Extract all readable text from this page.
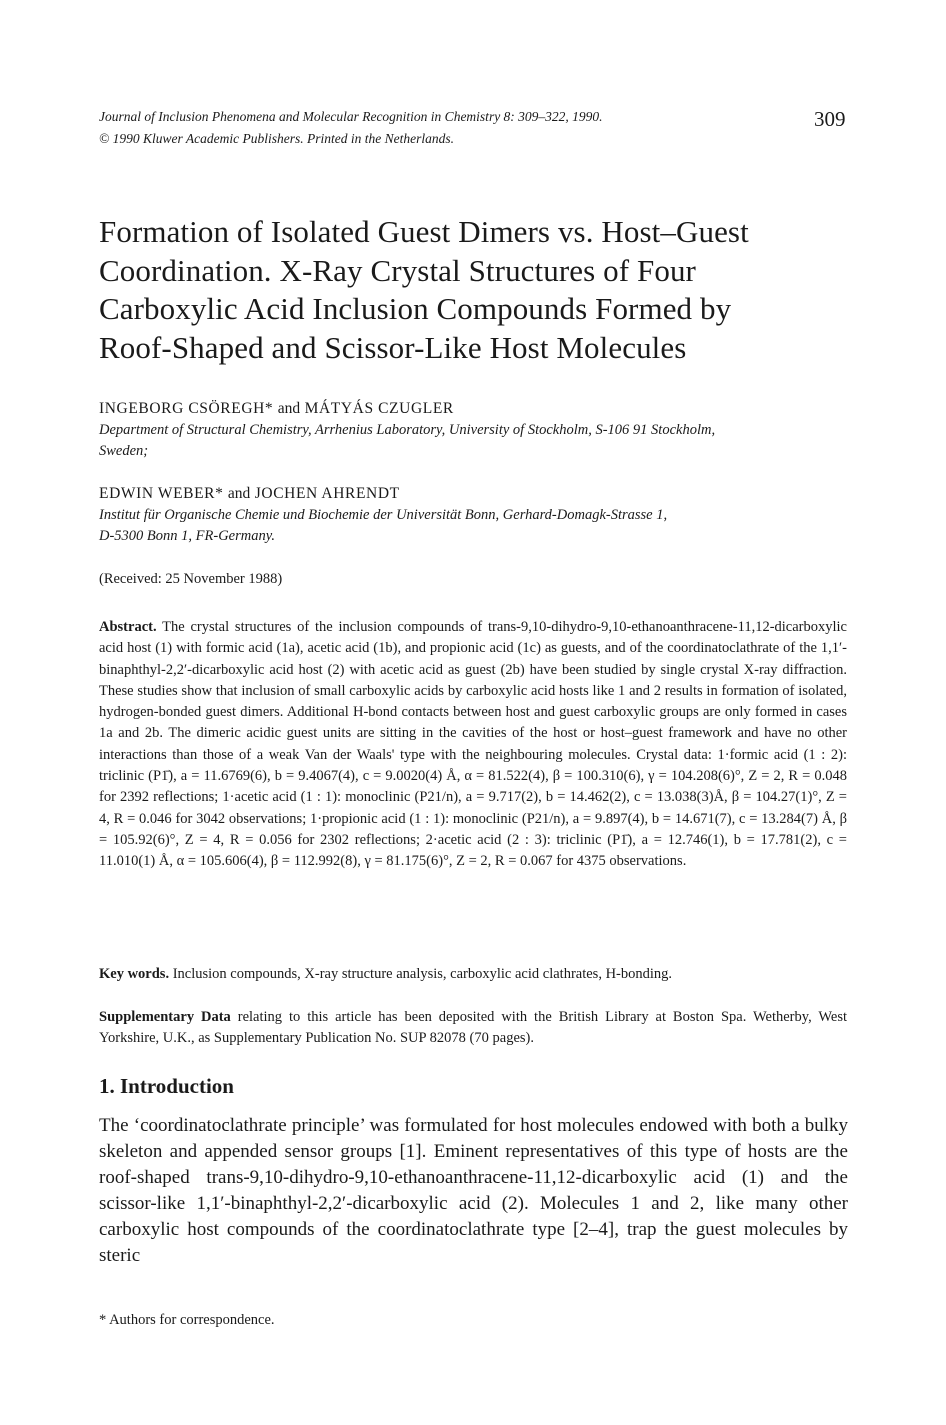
Journal of Inclusion Phenomena and Molecular Recognition in Chemistry 8: 309–322, 1990.
© 1990 Kluwer Academic Publishers. Printed in the Netherlands.
309
Formation of Isolated Guest Dimers vs. Host–Guest
Coordination. X-Ray Crystal Structures of Four
Carboxylic Acid Inclusion Compounds Formed by
Roof-Shaped and Scissor-Like Host Molecules
INGEBORG CSÖREGH* and MÁTYÁS CZUGLER
Department of Structural Chemistry, Arrhenius Laboratory, University of Stockholm, S-106 91 Stockholm,
Sweden;
EDWIN WEBER* and JOCHEN AHRENDT
Institut für Organische Chemie und Biochemie der Universität Bonn, Gerhard-Domagk-Strasse 1,
D-5300 Bonn 1, FR-Germany.
(Received: 25 November 1988)
Abstract. The crystal structures of the inclusion compounds of trans-9,10-dihydro-9,10-ethanoanthracene-11,12-dicarboxylic acid host (1) with formic acid (1a), acetic acid (1b), and propionic acid (1c) as guests, and of the coordinatoclathrate of the 1,1′-binaphthyl-2,2′-dicarboxylic acid host (2) with acetic acid as guest (2b) have been studied by single crystal X-ray diffraction. These studies show that inclusion of small carboxylic acids by carboxylic acid hosts like 1 and 2 results in formation of isolated, hydrogen-bonded guest dimers. Additional H-bond contacts between host and guest carboxylic groups are only formed in cases 1a and 2b. The dimeric acidic guest units are sitting in the cavities of the host or host–guest framework and have no other interactions than those of a weak Van der Waals' type with the neighbouring molecules. Crystal data: 1·formic acid (1 : 2): triclinic (P1̄), a = 11.6769(6), b = 9.4067(4), c = 9.0020(4) Å, α = 81.522(4), β = 100.310(6), γ = 104.208(6)°, Z = 2, R = 0.048 for 2392 reflections; 1·acetic acid (1 : 1): monoclinic (P21/n), a = 9.717(2), b = 14.462(2), c = 13.038(3)Å, β = 104.27(1)°, Z = 4, R = 0.046 for 3042 observations; 1·propionic acid (1 : 1): monoclinic (P21/n), a = 9.897(4), b = 14.671(7), c = 13.284(7) Å, β = 105.92(6)°, Z = 4, R = 0.056 for 2302 reflections; 2·acetic acid (2 : 3): triclinic (P1̄), a = 12.746(1), b = 17.781(2), c = 11.010(1) Å, α = 105.606(4), β = 112.992(8), γ = 81.175(6)°, Z = 2, R = 0.067 for 4375 observations.
Key words. Inclusion compounds, X-ray structure analysis, carboxylic acid clathrates, H-bonding.
Supplementary Data relating to this article has been deposited with the British Library at Boston Spa. Wetherby, West Yorkshire, U.K., as Supplementary Publication No. SUP 82078 (70 pages).
1. Introduction
The ‘coordinatoclathrate principle’ was formulated for host molecules endowed with both a bulky skeleton and appended sensor groups [1]. Eminent representatives of this type of hosts are the roof-shaped trans-9,10-dihydro-9,10-ethanoanthracene-11,12-dicarboxylic acid (1) and the scissor-like 1,1′-binaphthyl-2,2′-dicarboxylic acid (2). Molecules 1 and 2, like many other carboxylic host compounds of the coordinatoclathrate type [2–4], trap the guest molecules by steric
* Authors for correspondence.
